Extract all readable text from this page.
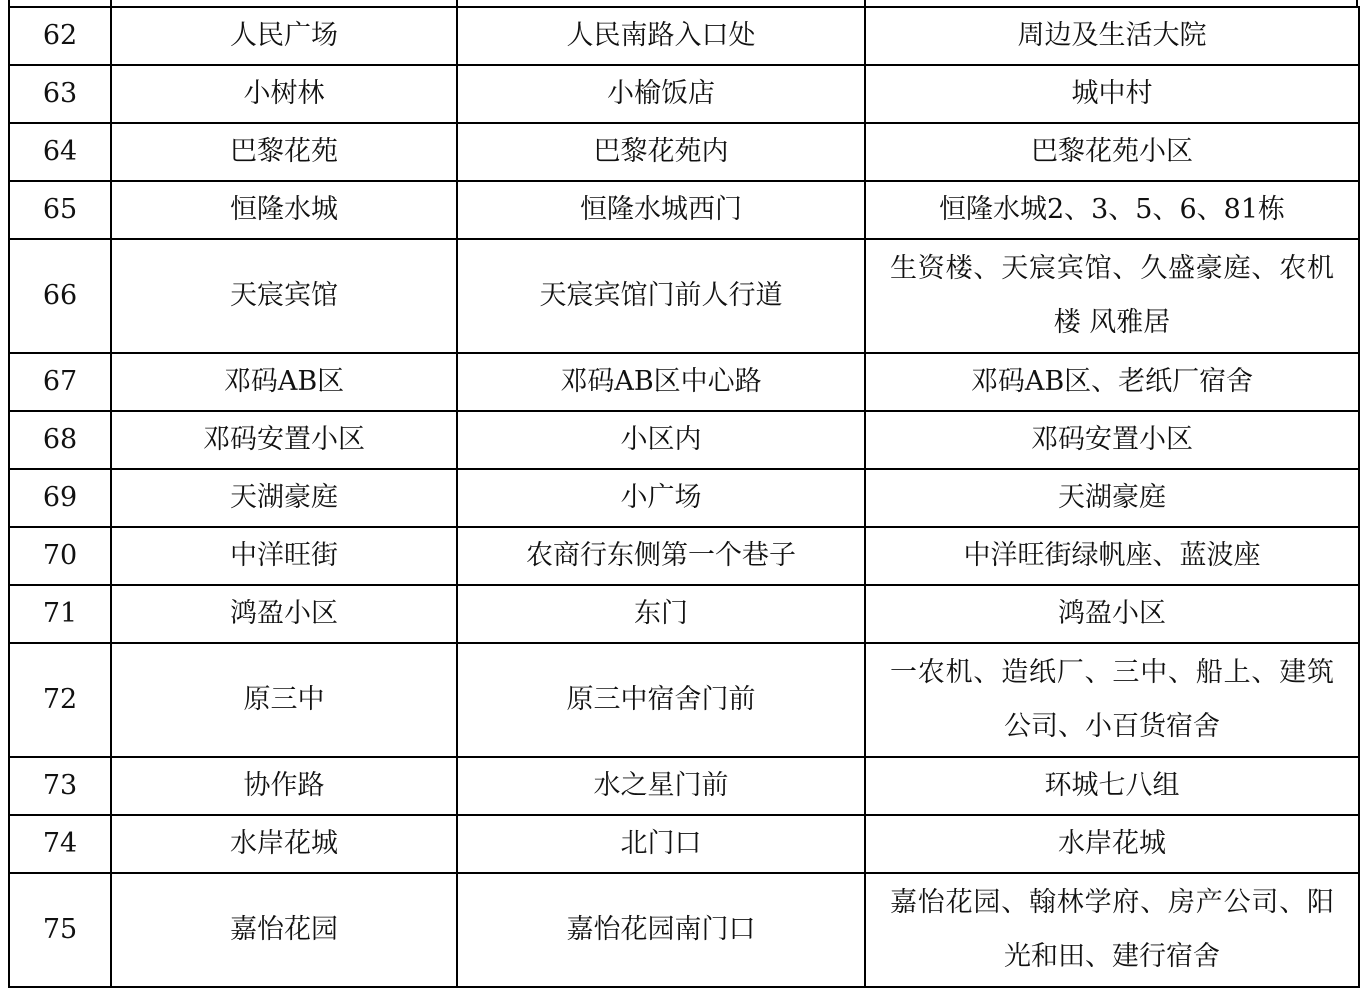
62	人民广场	人民南路入口处	周边及生活大院
63	小树林	小榆饭店	城中村
64	巴黎花苑	巴黎花苑内	巴黎花苑小区
65	恒隆水城	恒隆水城西门	恒隆水城2、3、5、6、81栋
66	天宸宾馆	天宸宾馆门前人行道	生资楼、天宸宾馆、久盛豪庭、农机楼 风雅居
67	邓码AB区	邓码AB区中心路	邓码AB区、老纸厂宿舍
68	邓码安置小区	小区内	邓码安置小区
69	天湖豪庭	小广场	天湖豪庭
70	中洋旺街	农商行东侧第一个巷子	中洋旺街绿帆座、蓝波座
71	鸿盈小区	东门	鸿盈小区
72	原三中	原三中宿舍门前	一农机、造纸厂、三中、船上、建筑公司、小百货宿舍
73	协作路	水之星门前	环城七八组
74	水岸花城	北门口	水岸花城
75	嘉怡花园	嘉怡花园南门口	嘉怡花园、翰林学府、房产公司、阳光和田、建行宿舍
